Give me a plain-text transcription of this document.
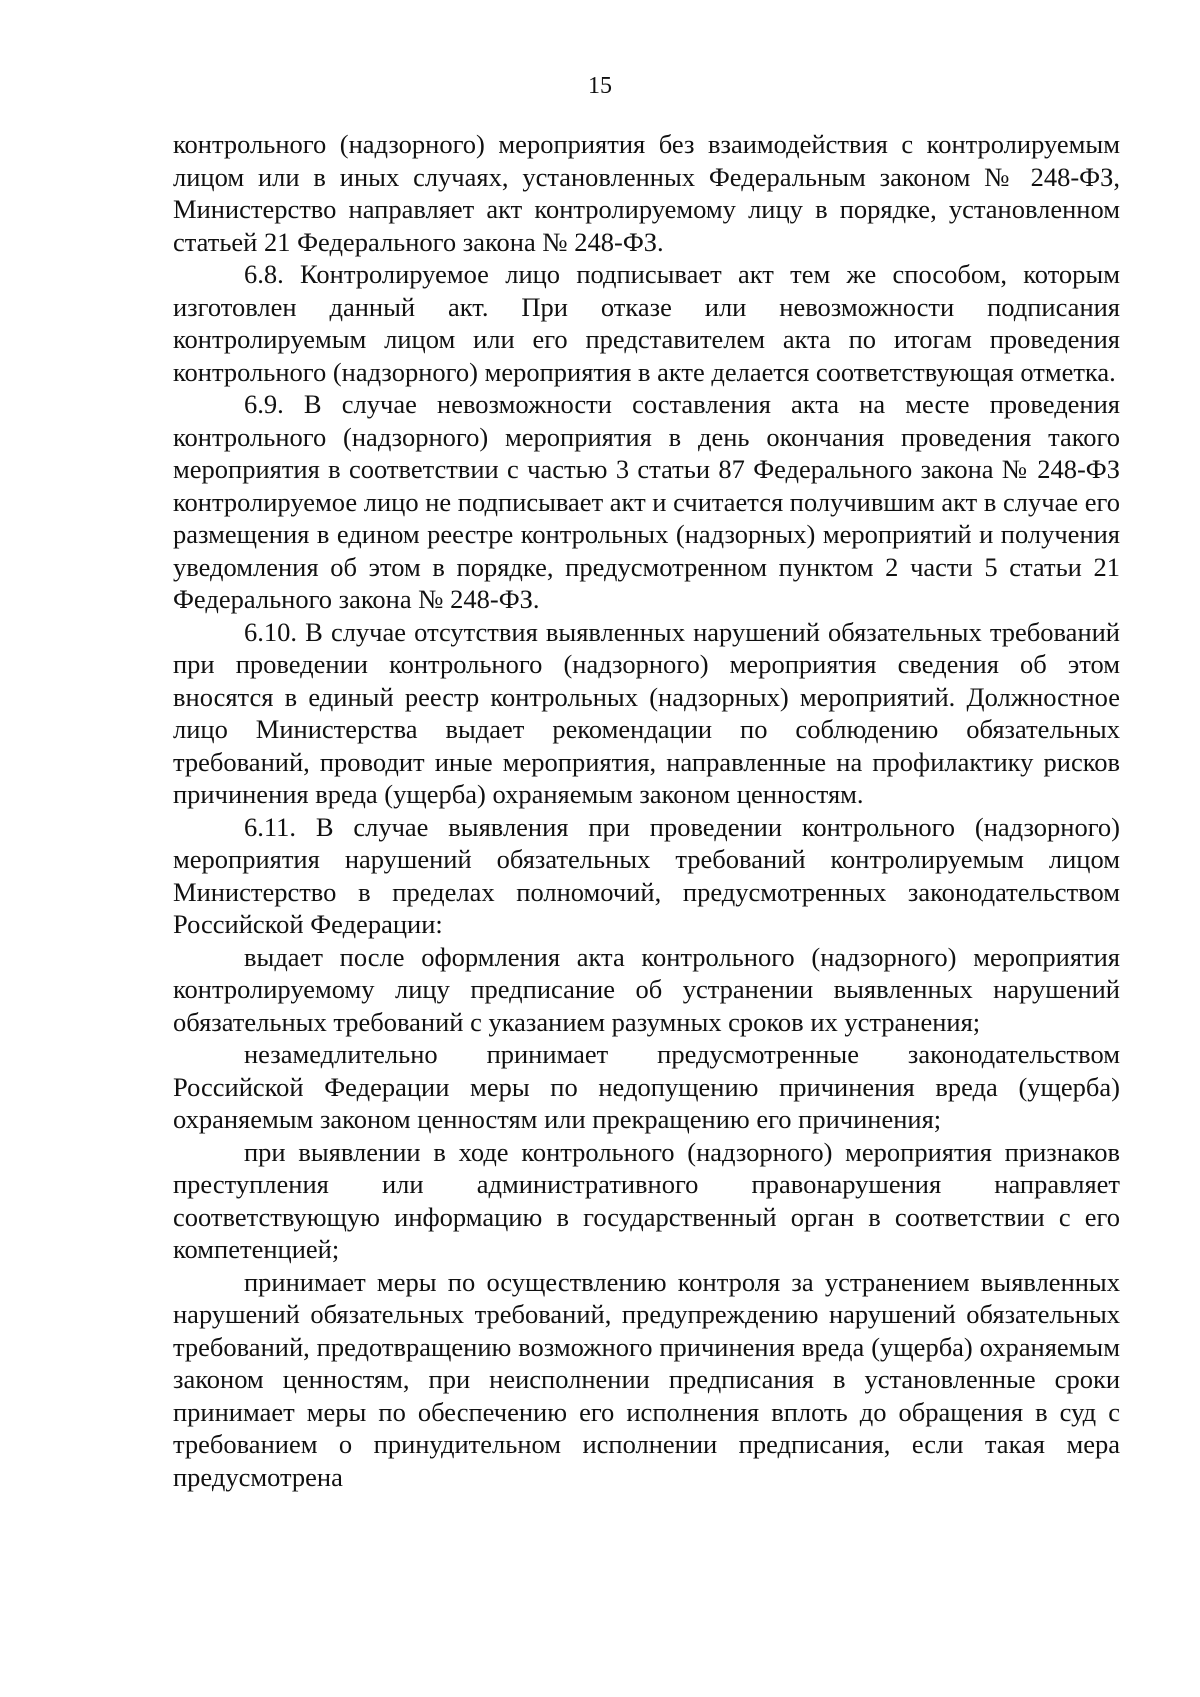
15

контрольного (надзорного) мероприятия без взаимодействия с контролируемым лицом или в иных случаях, установленных Федеральным законом № 248-ФЗ, Министерство направляет акт контролируемому лицу в порядке, установленном статьей 21 Федерального закона № 248-ФЗ.

6.8. Контролируемое лицо подписывает акт тем же способом, которым изготовлен данный акт. При отказе или невозможности подписания контролируемым лицом или его представителем акта по итогам проведения контрольного (надзорного) мероприятия в акте делается соответствующая отметка.

6.9. В случае невозможности составления акта на месте проведения контрольного (надзорного) мероприятия в день окончания проведения такого мероприятия в соответствии с частью 3 статьи 87 Федерального закона № 248-ФЗ контролируемое лицо не подписывает акт и считается получившим акт в случае его размещения в едином реестре контрольных (надзорных) мероприятий и получения уведомления об этом в порядке, предусмотренном пунктом 2 части 5 статьи 21 Федерального закона № 248-ФЗ.

6.10. В случае отсутствия выявленных нарушений обязательных требований при проведении контрольного (надзорного) мероприятия сведения об этом вносятся в единый реестр контрольных (надзорных) мероприятий. Должностное лицо Министерства выдает рекомендации по соблюдению обязательных требований, проводит иные мероприятия, направленные на профилактику рисков причинения вреда (ущерба) охраняемым законом ценностям.

6.11. В случае выявления при проведении контрольного (надзорного) мероприятия нарушений обязательных требований контролируемым лицом Министерство в пределах полномочий, предусмотренных законодательством Российской Федерации:

выдает после оформления акта контрольного (надзорного) мероприятия контролируемому лицу предписание об устранении выявленных нарушений обязательных требований с указанием разумных сроков их устранения;

незамедлительно принимает предусмотренные законодательством Российской Федерации меры по недопущению причинения вреда (ущерба) охраняемым законом ценностям или прекращению его причинения;

при выявлении в ходе контрольного (надзорного) мероприятия признаков преступления или административного правонарушения направляет соответствующую информацию в государственный орган в соответствии с его компетенцией;

принимает меры по осуществлению контроля за устранением выявленных нарушений обязательных требований, предупреждению нарушений обязательных требований, предотвращению возможного причинения вреда (ущерба) охраняемым законом ценностям, при неисполнении предписания в установленные сроки принимает меры по обеспечению его исполнения вплоть до обращения в суд с требованием о принудительном исполнении предписания, если такая мера предусмотрена
